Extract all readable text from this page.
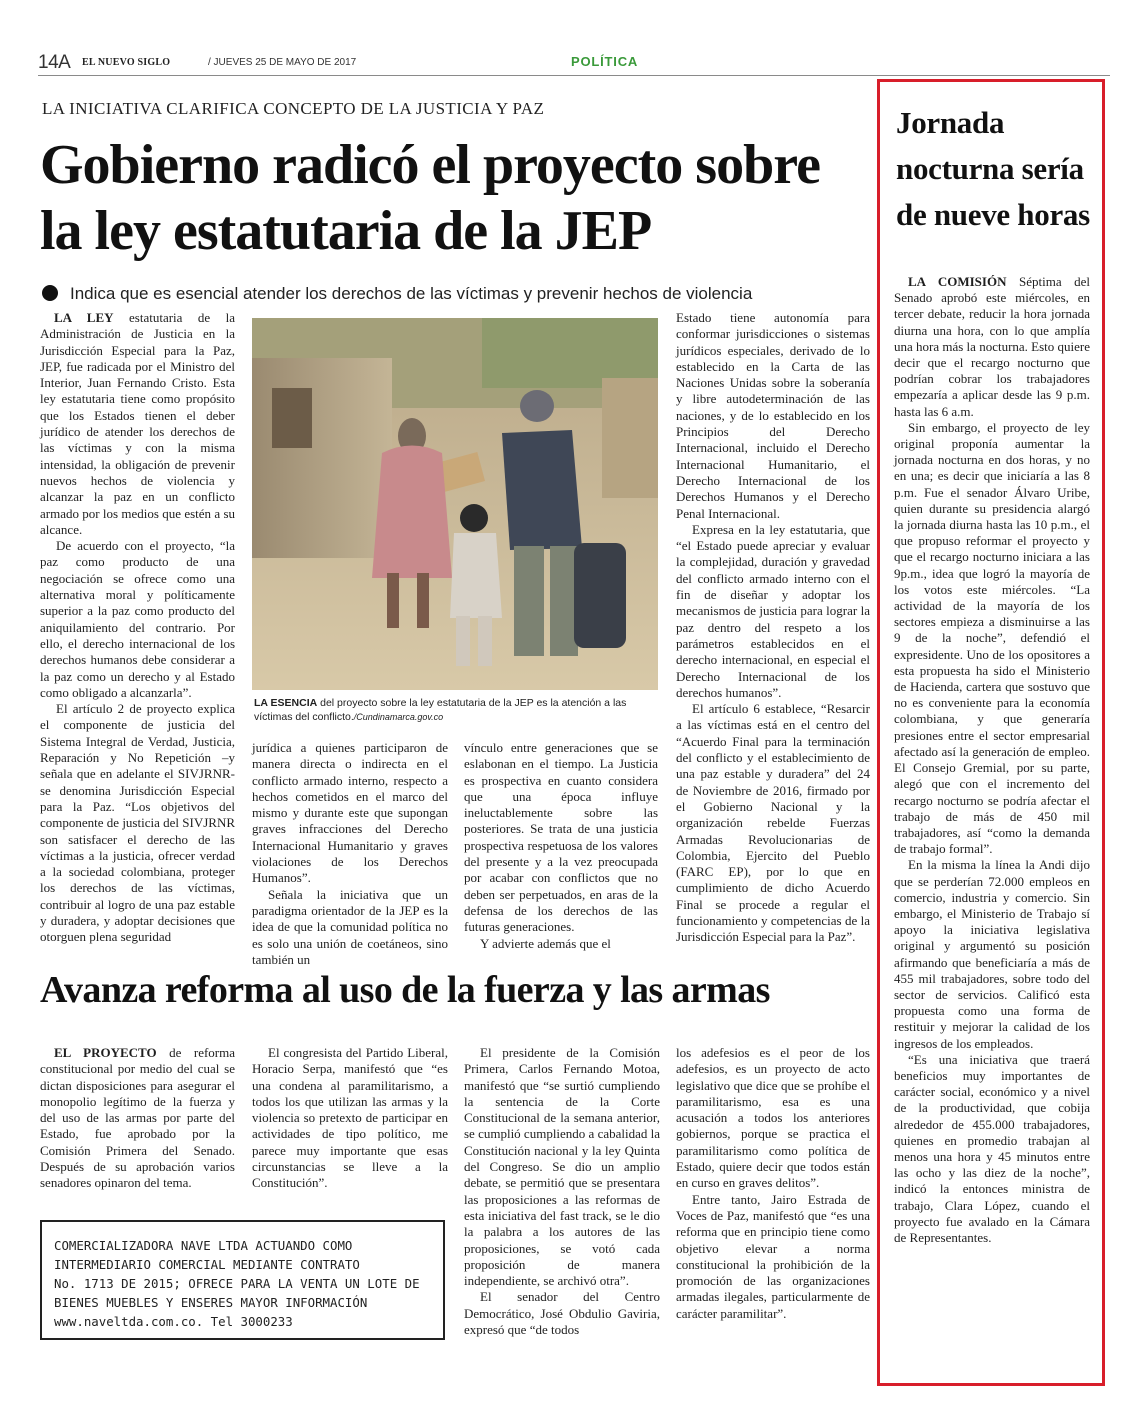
14A EL NUEVO SIGLO	/ JUEVES 25 DE MAYO DE 2017	POLÍTICA
LA INICIATIVA CLARIFICA CONCEPTO DE LA JUSTICIA Y PAZ
Gobierno radicó el proyecto sobre la ley estatutaria de la JEP
Indica que es esencial atender los derechos de las víctimas y prevenir hechos de violencia

LA LEY estatutaria de la Administración de Justicia en la Jurisdicción Especial para la Paz, JEP, fue radicada por el Ministro del Interior, Juan Fernando Cristo. Esta ley estatutaria tiene como propósito que los Estados tienen el deber jurídico de atender los derechos de las víctimas y con la misma intensidad, la obligación de prevenir nuevos hechos de violencia y alcanzar la paz en un conflicto armado por los medios que estén a su alcance.

De acuerdo con el proyecto, “la paz como producto de una negociación se ofrece como una alternativa moral y políticamente superior a la paz como producto del aniquilamiento del contrario. Por ello, el derecho internacional de los derechos humanos debe considerar a la paz como un derecho y al Estado como obligado a alcanzarla”.

El artículo 2 de proyecto explica el componente de justicia del Sistema Integral de Verdad, Justicia, Reparación y No Repetición –y señala que en adelante el SIVJRNR- se denomina Jurisdicción Especial para la Paz. “Los objetivos del componente de justicia del SIVJRNR son satisfacer el derecho de las víctimas a la justicia, ofrecer verdad a la sociedad colombiana, proteger los derechos de las víctimas, contribuir al logro de una paz estable y duradera, y adoptar decisiones que otorguen plena seguridad

LA ESENCIA del proyecto sobre la ley estatutaria de la JEP es la atención a las víctimas del conflicto./Cundinamarca.gov.co

jurídica a quienes participaron de manera directa o indirecta en el conflicto armado interno, respecto a hechos cometidos en el marco del mismo y durante este que supongan graves infracciones del Derecho Internacional Humanitario y graves violaciones de los Derechos Humanos”.

Señala la iniciativa que un paradigma orientador de la JEP es la idea de que la comunidad política no es solo una unión de coetáneos, sino también un

vínculo entre generaciones que se eslabonan en el tiempo. La Justicia es prospectiva en cuanto considera que una época influye ineluctablemente sobre las posteriores. Se trata de una justicia prospectiva respetuosa de los valores del presente y a la vez preocupada por acabar con conflictos que no deben ser perpetuados, en aras de la defensa de los derechos de las futuras generaciones.

Y advierte además que el

Estado tiene autonomía para conformar jurisdicciones o sistemas jurídicos especiales, derivado de lo establecido en la Carta de las Naciones Unidas sobre la soberanía y libre autodeterminación de las naciones, y de lo establecido en los Principios del Derecho Internacional, incluido el Derecho Internacional Humanitario, el Derecho Internacional de los Derechos Humanos y el Derecho Penal Internacional.

Expresa en la ley estatutaria, que “el Estado puede apreciar y evaluar la complejidad, duración y gravedad del conflicto armado interno con el fin de diseñar y adoptar los mecanismos de justicia para lograr la paz dentro del respeto a los parámetros establecidos en el derecho internacional, en especial el Derecho Internacional de los derechos humanos”.

El artículo 6 establece, “Resarcir a las víctimas está en el centro del “Acuerdo Final para la terminación del conflicto y el establecimiento de una paz estable y duradera” del 24 de Noviembre de 2016, firmado por el Gobierno Nacional y la organización rebelde Fuerzas Armadas Revolucionarias de Colombia, Ejercito del Pueblo (FARC EP), por lo que en cumplimiento de dicho Acuerdo Final se procede a regular el funcionamiento y competencias de la Jurisdicción Especial para la Paz”.

Avanza reforma al uso de la fuerza y las armas

EL PROYECTO de reforma constitucional por medio del cual se dictan disposiciones para asegurar el monopolio legítimo de la fuerza y del uso de las armas por parte del Estado, fue aprobado por la Comisión Primera del Senado. Después de su aprobación varios senadores opinaron del tema.

El congresista del Partido Liberal, Horacio Serpa, manifestó que “es una condena al paramilitarismo, a todos los que utilizan las armas y la violencia so pretexto de participar en actividades de tipo político, me parece muy importante que esas circunstancias se lleve a la Constitución”.

El presidente de la Comisión Primera, Carlos Fernando Motoa, manifestó que “se surtió cumpliendo la sentencia de la Corte Constitucional de la semana anterior, se cumplió cumpliendo a cabalidad la Constitución nacional y la ley Quinta del Congreso. Se dio un amplio debate, se permitió que se presentara las proposiciones a las reformas de esta iniciativa del fast track, se le dio la palabra a los autores de las proposiciones, se votó cada proposición de manera independiente, se archivó otra”.

El senador del Centro Democrático, José Obdulio Gaviria, expresó que “de todos

los adefesios es el peor de los adefesios, es un proyecto de acto legislativo que dice que se prohíbe el paramilitarismo, esa es una acusación a todos los anteriores gobiernos, porque se practica el paramilitarismo como política de Estado, quiere decir que todos están en curso en graves delitos”.

Entre tanto, Jairo Estrada de Voces de Paz, manifestó que “es una reforma que en principio tiene como objetivo elevar a norma constitucional la prohibición de la promoción de las organizaciones armadas ilegales, particularmente de carácter paramilitar”.

COMERCIALIZADORA NAVE LTDA ACTUANDO COMO
INTERMEDIARIO COMERCIAL MEDIANTE CONTRATO
No. 1713 DE 2015; OFRECE PARA LA VENTA UN LOTE DE
BIENES MUEBLES Y ENSERES MAYOR INFORMACIÓN
www.naveltda.com.co. Tel 3000233
Jornada nocturna sería de nueve horas

LA COMISIÓN Séptima del Senado aprobó este miércoles, en tercer debate, reducir la hora jornada diurna una hora, con lo que amplía una hora más la nocturna. Esto quiere decir que el recargo nocturno que podrían cobrar los trabajadores empezaría a aplicar desde las 9 p.m. hasta las 6 a.m.

Sin embargo, el proyecto de ley original proponía aumentar la jornada nocturna en dos horas, y no en una; es decir que iniciaría a las 8 p.m. Fue el senador Álvaro Uribe, quien durante su presidencia alargó la jornada diurna hasta las 10 p.m., el que propuso reformar el proyecto y que el recargo nocturno iniciara a las 9p.m., idea que logró la mayoría de los votos este miércoles. “La actividad de la mayoría de los sectores empieza a disminuirse a las 9 de la noche”, defendió el expresidente. Uno de los opositores a esta propuesta ha sido el Ministerio de Hacienda, cartera que sostuvo que no es conveniente para la economía colombiana, y que generaría presiones entre el sector empresarial afectado así la generación de empleo. El Consejo Gremial, por su parte, alegó que con el incremento del recargo nocturno se podría afectar el trabajo de más de 450 mil trabajadores, así “como la demanda de trabajo formal”.

En la misma la línea la Andi dijo que se perderían 72.000 empleos en comercio, industria y comercio. Sin embargo, el Ministerio de Trabajo sí apoyo la iniciativa legislativa original y argumentó su posición afirmando que beneficiaría a más de 455 mil trabajadores, sobre todo del sector de servicios. Calificó esta propuesta como una forma de restituir y mejorar la calidad de los ingresos de los empleados.

“Es una iniciativa que traerá beneficios muy importantes de carácter social, económico y a nivel de la productividad, que cobija alrededor de 455.000 trabajadores, quienes en promedio trabajan al menos una hora y 45 minutos entre las ocho y las diez de la noche”, indicó la entonces ministra de trabajo, Clara López, cuando el proyecto fue avalado en la Cámara de Representantes.
